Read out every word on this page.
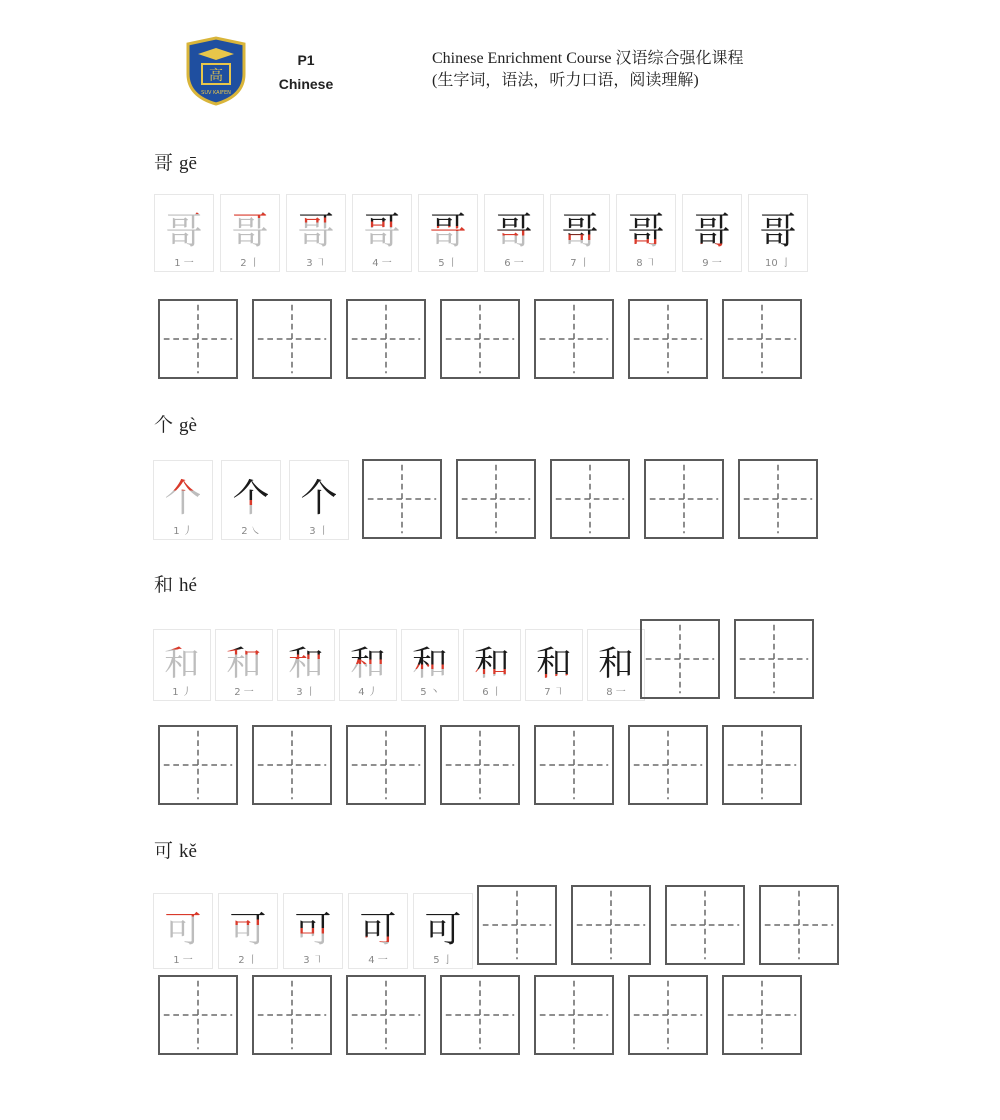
高
SUV KAIFEN
P1
Chinese
Chinese Enrichment Course 汉语综合强化课程
(生字词，语法，听力口语，阅读理解)
哥 gē
个 gè
和 hé
可 kě
哥
1 一
哥
2 丨
哥
3 ㇕
哥
4 一
哥
5 丨
哥
6 一
哥
7 丨
哥
8 ㇕
哥
9 一
哥
10 亅
个
1 丿
个
2 ㇏
个
3 丨
和
1 丿
和
2 一
和
3 丨
和
4 丿
和
5 丶
和
6 丨
和
7 ㇕
和
8 一
可
1 一
可
2 丨
可
3 ㇕
可
4 一
可
5 亅
